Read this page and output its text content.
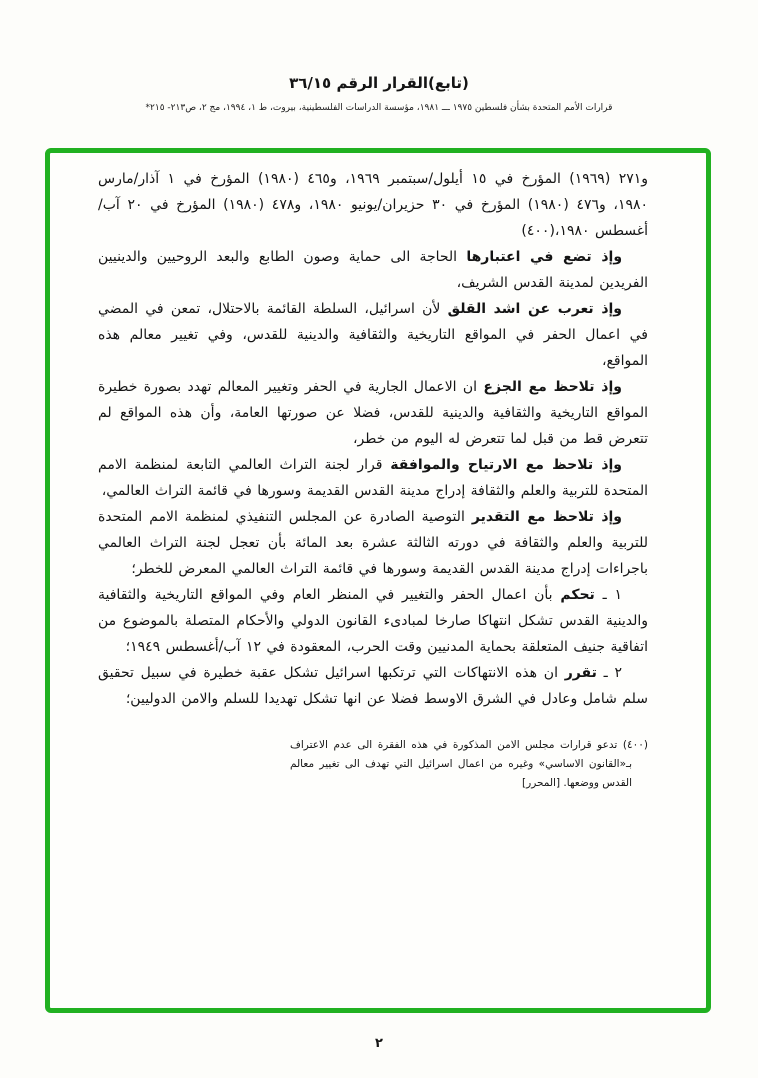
(تابع)القرار الرقم ٣٦/١٥
قرارات الأمم المتحدة بشأن فلسطين ١٩٧٥ ـــ ١٩٨١، مؤسسة الدراسات الفلسطينية، بيروت، ط ١، ١٩٩٤، مج ٢، ص٢١٣- ٢١٥*

و٢٧١ (١٩٦٩) المؤرخ في ١٥ أيلول/سبتمبر ١٩٦٩، و٤٦٥ (١٩٨٠) المؤرخ في ١ آذار/مارس ١٩٨٠، و٤٧٦ (١٩٨٠) المؤرخ في ٣٠ حزيران/يونيو ١٩٨٠، و٤٧٨ (١٩٨٠) المؤرخ في ٢٠ آب/أغسطس ١٩٨٠،(٤٠٠)

وإذ تضع في اعتبارها الحاجة الى حماية وصون الطابع والبعد الروحيين والدينيين الفريدين لمدينة القدس الشريف،

وإذ تعرب عن اشد القلق لأن اسرائيل، السلطة القائمة بالاحتلال، تمعن في المضي في اعمال الحفر في المواقع التاريخية والثقافية والدينية للقدس، وفي تغيير معالم هذه المواقع،

وإذ تلاحظ مع الجزع ان الاعمال الجارية في الحفر وتغيير المعالم تهدد بصورة خطيرة المواقع التاريخية والثقافية والدينية للقدس، فضلا عن صورتها العامة، وأن هذه المواقع لم تتعرض قط من قبل لما تتعرض له اليوم من خطر،

وإذ تلاحظ مع الارتياح والموافقة قرار لجنة التراث العالمي التابعة لمنظمة الامم المتحدة للتربية والعلم والثقافة إدراج مدينة القدس القديمة وسورها في قائمة التراث العالمي،

وإذ تلاحظ مع التقدير التوصية الصادرة عن المجلس التنفيذي لمنظمة الامم المتحدة للتربية والعلم والثقافة في دورته الثالثة عشرة بعد المائة بأن تعجل لجنة التراث العالمي باجراءات إدراج مدينة القدس القديمة وسورها في قائمة التراث العالمي المعرض للخطر؛

١ ـ تحكم بأن اعمال الحفر والتغيير في المنظر العام وفي المواقع التاريخية والثقافية والدينية القدس تشكل انتهاكا صارخا لمبادىء القانون الدولي والأحكام المتصلة بالموضوع من اتفاقية جنيف المتعلقة بحماية المدنيين وقت الحرب، المعقودة في ١٢ آب/أغسطس ١٩٤٩؛

٢ ـ تقرر ان هذه الانتهاكات التي ترتكبها اسرائيل تشكل عقبة خطيرة في سبيل تحقيق سلم شامل وعادل في الشرق الاوسط فضلا عن انها تشكل تهديدا للسلم والامن الدوليين؛

(٤٠٠) تدعو قرارات مجلس الامن المذكورة في هذه الفقرة الى عدم الاعتراف بـ«القانون الاساسي» وغيره من اعمال اسرائيل التي تهدف الى تغيير معالم القدس ووضعها. [المحرر]
٢
